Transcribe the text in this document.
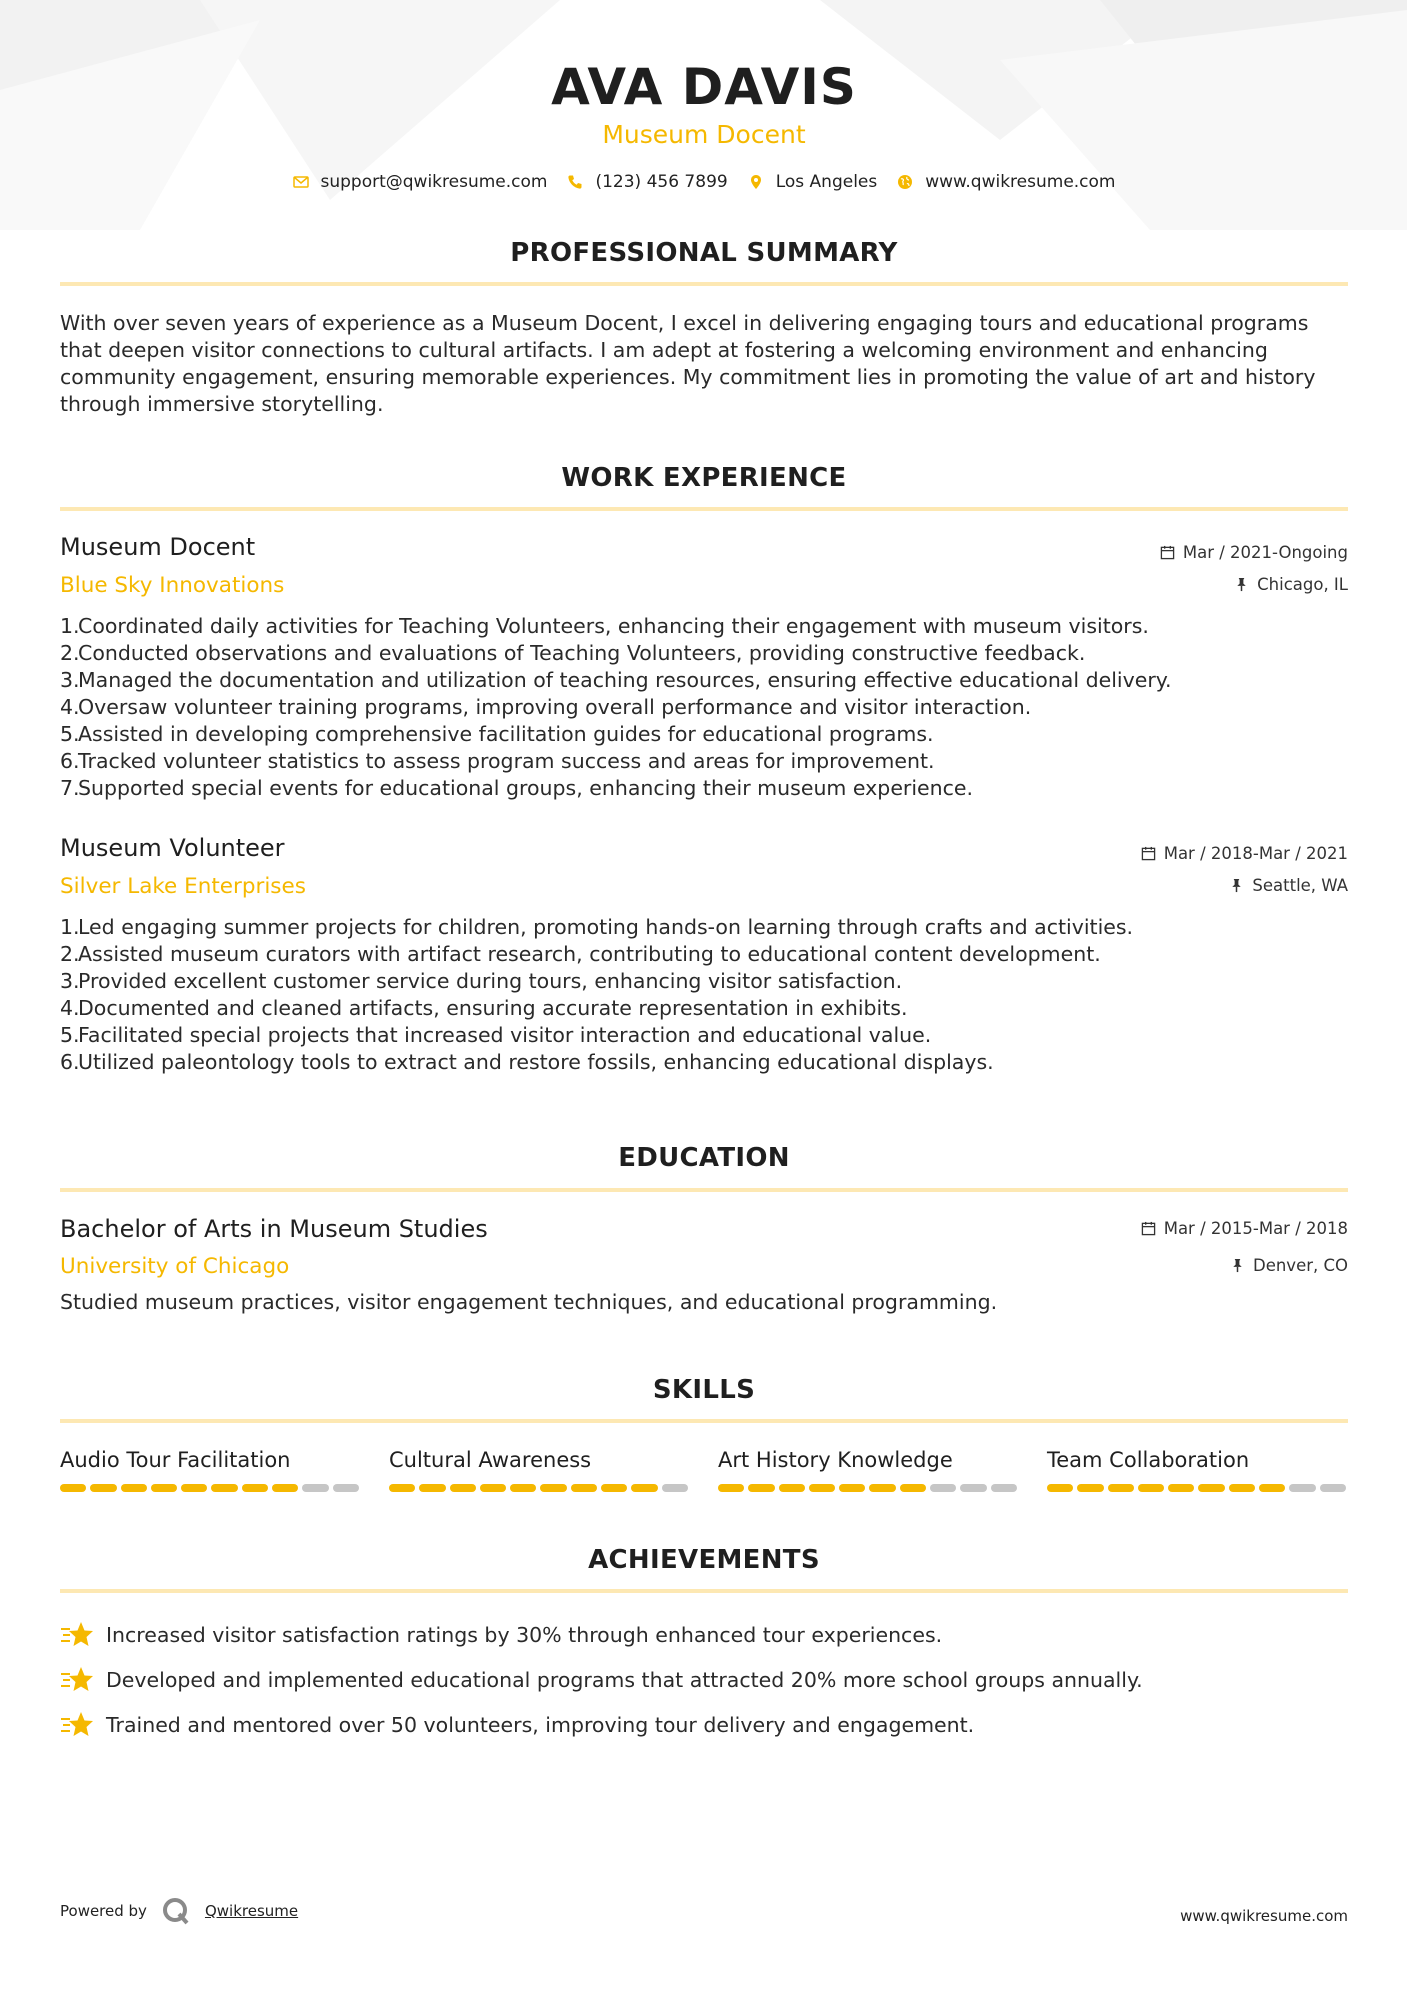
AVA DAVIS
Museum Docent
support@qwikresume.com	(123) 456 7899	Los Angeles	www.qwikresume.com
PROFESSIONAL SUMMARY
With over seven years of experience as a Museum Docent, I excel in delivering engaging tours and educational programs that deepen visitor connections to cultural artifacts. I am adept at fostering a welcoming environment and enhancing community engagement, ensuring memorable experiences. My commitment lies in promoting the value of art and history through immersive storytelling.
WORK EXPERIENCE
Museum Docent
Blue Sky Innovations
Mar / 2021-Ongoing
Chicago, IL
1.
Coordinated daily activities for Teaching Volunteers, enhancing their engagement with museum visitors.
2.
Conducted observations and evaluations of Teaching Volunteers, providing constructive feedback.
3.
Managed the documentation and utilization of teaching resources, ensuring effective educational delivery.
4.
Oversaw volunteer training programs, improving overall performance and visitor interaction.
5.
Assisted in developing comprehensive facilitation guides for educational programs.
6.
Tracked volunteer statistics to assess program success and areas for improvement.
7.
Supported special events for educational groups, enhancing their museum experience.
Museum Volunteer
Silver Lake Enterprises
Mar / 2018-Mar / 2021
Seattle, WA
1.
Led engaging summer projects for children, promoting hands-on learning through crafts and activities.
2.
Assisted museum curators with artifact research, contributing to educational content development.
3.
Provided excellent customer service during tours, enhancing visitor satisfaction.
4.
Documented and cleaned artifacts, ensuring accurate representation in exhibits.
5.
Facilitated special projects that increased visitor interaction and educational value.
6.
Utilized paleontology tools to extract and restore fossils, enhancing educational displays.
EDUCATION
Bachelor of Arts in Museum Studies
University of Chicago
Mar / 2015-Mar / 2018
Denver, CO
Studied museum practices, visitor engagement techniques, and educational programming.
SKILLS
Audio Tour Facilitation	Cultural Awareness	Art History Knowledge	Team Collaboration
ACHIEVEMENTS
Increased visitor satisfaction ratings by 30% through enhanced tour experiences.
Developed and implemented educational programs that attracted 20% more school groups annually.
Trained and mentored over 50 volunteers, improving tour delivery and engagement.
Powered by	Qwikresume	www.qwikresume.com
